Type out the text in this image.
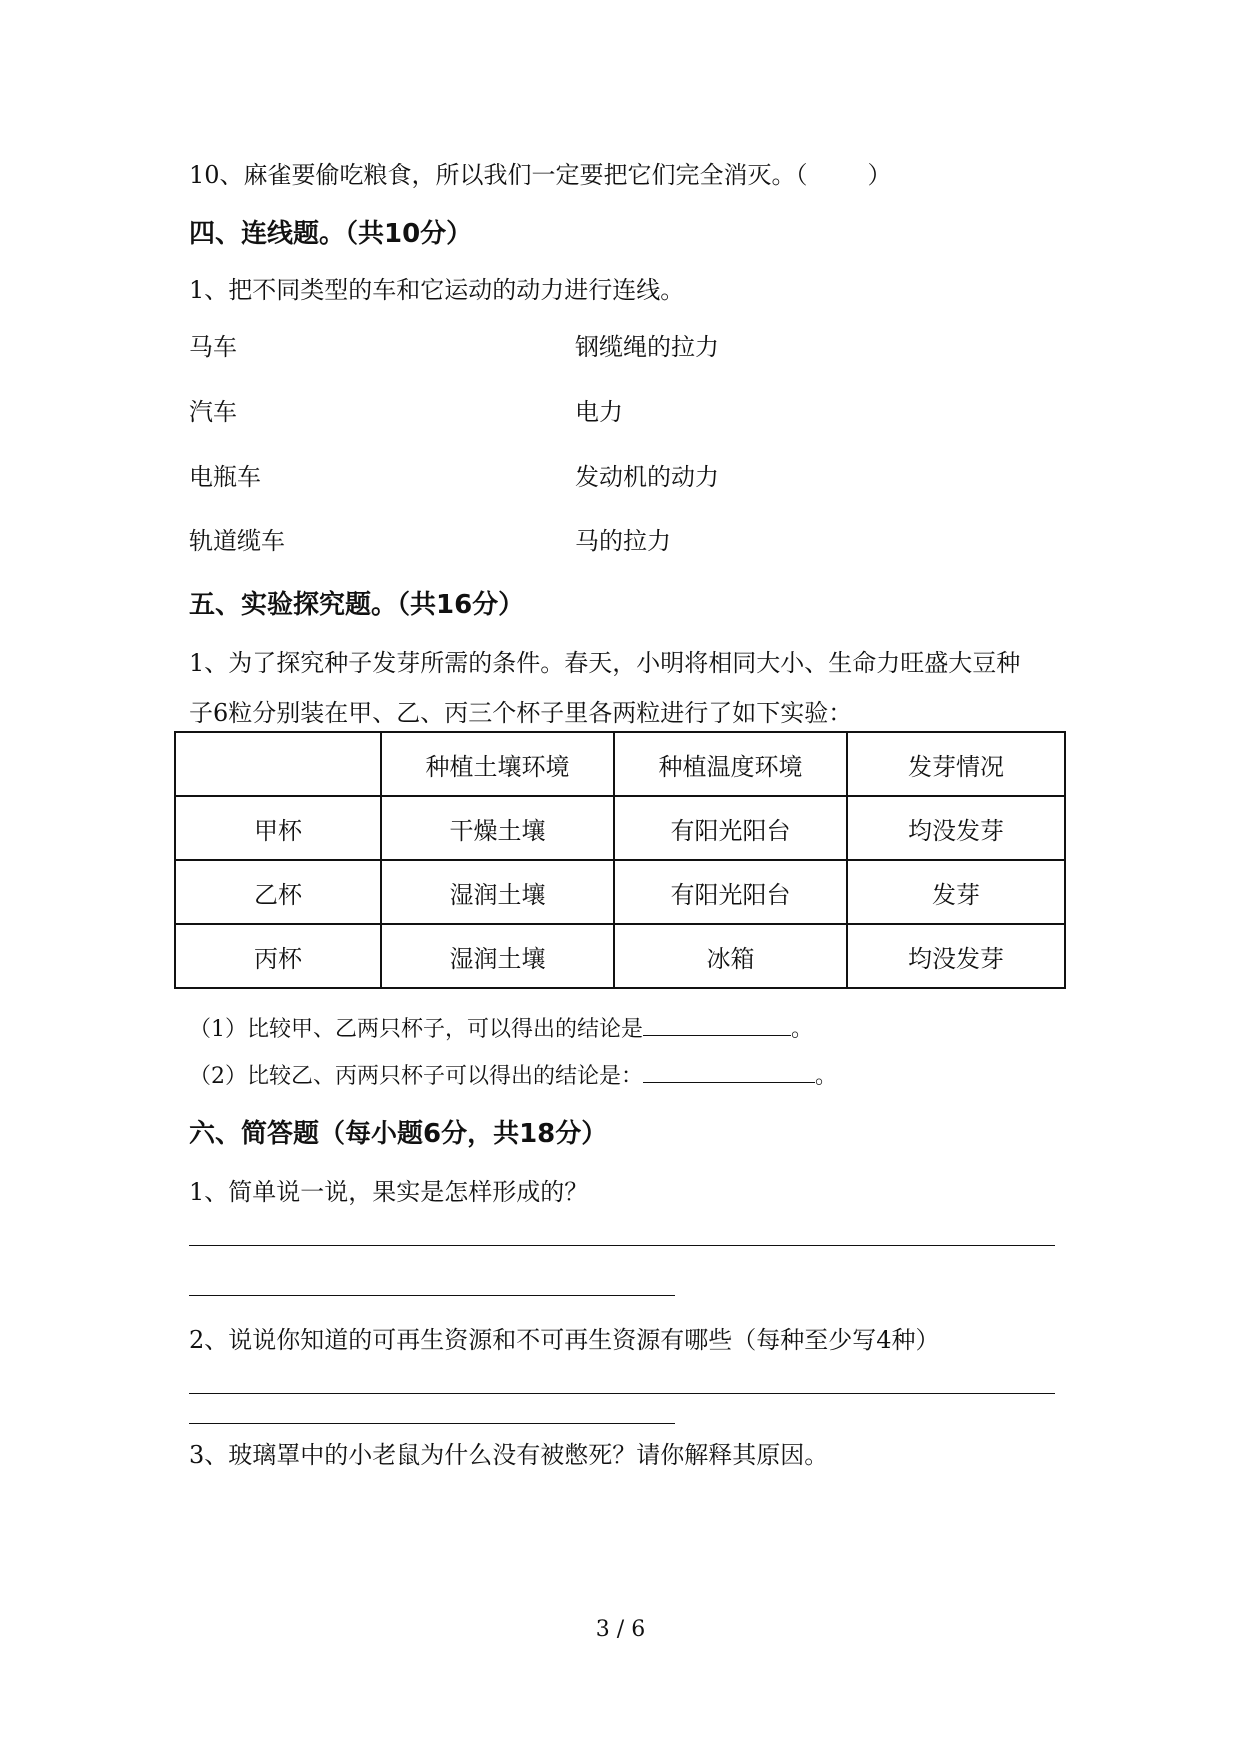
10、麻雀要偷吃粮食，所以我们一定要把它们完全消灭。（	）
四、连线题。（共10分）
1、把不同类型的车和它运动的动力进行连线。
马车	钢缆绳的拉力
汽车	电力
电瓶车	发动机的动力
轨道缆车	马的拉力
五、实验探究题。（共16分）
1、为了探究种子发芽所需的条件。春天，小明将相同大小、生命力旺盛大豆种
子6粒分别装在甲、乙、丙三个杯子里各两粒进行了如下实验：
	种植土壤环境	种植温度环境	发芽情况
甲杯	干燥土壤	有阳光阳台	均没发芽
乙杯	湿润土壤	有阳光阳台	发芽
丙杯	湿润土壤	冰箱	均没发芽
（1）比较甲、乙两只杯子，可以得出的结论是	。
（2）比较乙、丙两只杯子可以得出的结论是：	。
六、简答题（每小题6分，共18分）
1、简单说一说，果实是怎样形成的？
2、说说你知道的可再生资源和不可再生资源有哪些（每种至少写4种）
3、玻璃罩中的小老鼠为什么没有被憋死？请你解释其原因。
3 / 6
